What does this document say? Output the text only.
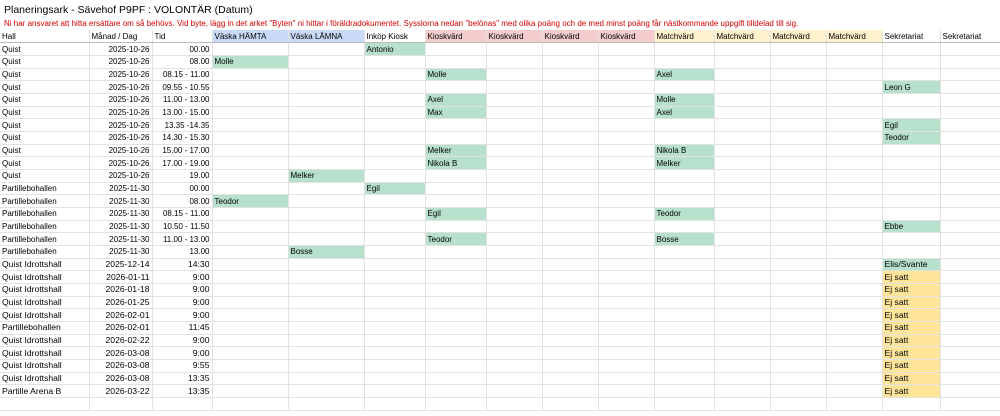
Planeringsark - Sävehof P9PF : VOLONTÄR (Datum)
Ni har ansvaret att hitta ersättare om så behövs. Vid byte, lägg in det arket "Byten" ni hittar i föräldradokumentet. Sysslorna nedan "belönas" med olika poäng och de med minst poäng får nästkommande uppgift tilldelad till sig.
Hall	Månad / Dag	Tid	Väska HÄMTA	Väska LÄMNA	Inköp Kiosk	Kioskvärd	Kioskvärd	Kioskvärd	Kioskvärd	Matchvärd	Matchvärd	Matchvärd	Matchvärd	Sekretariat	Sekretariat
Quist	2025-10-26	00.00			Antonio										
Quist	2025-10-26	08.00	Molle												
Quist	2025-10-26	08.15 - 11.00				Molle				Axel					
Quist	2025-10-26	09.55 - 10.55												Leon G	
Quist	2025-10-26	11.00 - 13.00				Axel				Molle					
Quist	2025-10-26	13.00 - 15.00				Max				Axel					
Quist	2025-10-26	13.35 -14.35												Egil	
Quist	2025-10-26	14.30 - 15.30												Teodor	
Quist	2025-10-26	15.00 - 17.00				Melker				Nikola B					
Quist	2025-10-26	17.00 - 19.00				Nikola B				Melker					
Quist	2025-10-26	19.00		Melker											
Partillebohallen	2025-11-30	00.00			Egil										
Partillebohallen	2025-11-30	08.00	Teodor												
Partillebohallen	2025-11-30	08.15 - 11.00				Egil				Teodor					
Partillebohallen	2025-11-30	10.50 - 11.50												Ebbe	
Partillebohallen	2025-11-30	11.00 - 13.00				Teodor				Bosse					
Partillebohallen	2025-11-30	13.00		Bosse											
Quist Idrottshall	2025-12-14	14:30												Elis/Svante	
Quist Idrottshall	2026-01-11	9:00												Ej satt	
Quist Idrottshall	2026-01-18	9:00												Ej satt	
Quist Idrottshall	2026-01-25	9:00												Ej satt	
Quist Idrottshall	2026-02-01	9:00												Ej satt	
Partillebohallen	2026-02-01	11:45												Ej satt	
Quist Idrottshall	2026-02-22	9:00												Ej satt	
Quist Idrottshall	2026-03-08	9:00												Ej satt	
Quist Idrottshall	2026-03-08	9:55												Ej satt	
Quist Idrottshall	2026-03-08	13:35												Ej satt	
Partille Arena B	2026-03-22	13:35												Ej satt	
